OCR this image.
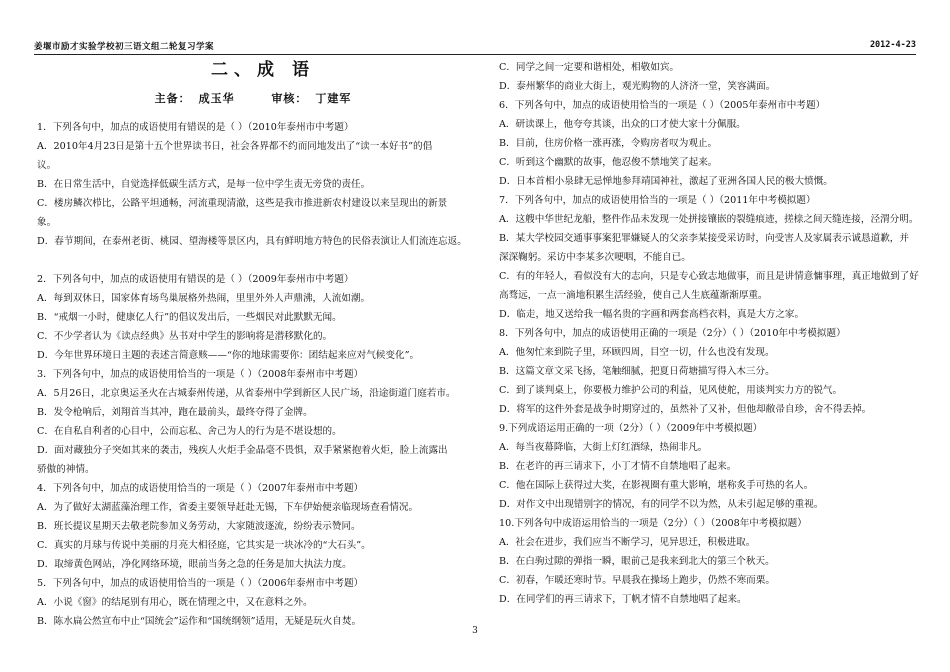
姜堰市励才实验学校初三语文组二轮复习学案	2012-4-23
二、成 语
主备： 成玉华	审核： 丁建军
1．下列各句中，加点的成语使用有错误的是（ ）（2010年泰州市中考题）
A．2010年4月23日是第十五个世界读书日，社会各界都不约而同地发出了“读一本好书”的倡
议。
B．在日常生活中，自觉选择低碳生活方式，是每一位中学生责无旁贷的责任。
C．楼房鳞次栉比，公路平坦通畅，河流重现清澈，这些是我市推进新农村建设以来呈现出的新景
象。
D．春节期间，在泰州老街、桃园、望海楼等景区内，具有鲜明地方特色的民俗表演让人们流连忘返。
2．下列各句中，加点的成语使用有错误的是（ ）（2009年泰州市中考题）
A．每到双休日，国家体育场鸟巢展格外热闹，里里外外人声鼎沸，人流如潮。
B．“戒烟一小时，健康亿人行”的倡议发出后，一些烟民对此默默无闻。
C．不少学者认为《读点经典》丛书对中学生的影响将是潜移默化的。
D．今年世界环境日主题的表述言简意赅——“你的地球需要你：团结起来应对气候变化”。
3．下列各句中，加点的成语使用恰当的一项是（ ）（2008年泰州市中考题）
A．5月26日，北京奥运圣火在古城泰州传递，从省泰州中学到新区人民广场，沿途街道门庭若市。
B．发令枪响后，刘翔首当其冲，跑在最前头，最终夺得了金牌。
C．在自私自利者的心目中，公而忘私、舍己为人的行为是不堪设想的。
D．面对藏独分子突如其来的袭击，残疾人火炬手金晶毫不畏惧，双手紧紧抱着火炬，脸上流露出
骄傲的神情。
4．下列各句中，加点的成语使用恰当的一项是（ ）（2007年泰州市中考题）
A．为了做好太湖蓝藻治理工作，省委主要领导赶赴无锡，下车伊始便亲临现场查看情况。
B．班长提议星期天去敬老院参加义务劳动，大家随波逐流，纷纷表示赞同。
C．真实的月球与传说中美丽的月亮大相径庭，它其实是一块冰冷的“大石头”。
D．取缔黄色网站，净化网络环境，眼前当务之急的任务是加大执法力度。
5．下列各句中，加点的成语使用恰当的一项是（ ）（2006年泰州市中考题）
A．小说《窗》的结尾别有用心，既在情理之中，又在意料之外。
B．陈水扁公然宣布中止“国统会”运作和“国统纲领”适用，无疑是玩火自焚。
C．同学之间一定要和谐相处，相敬如宾。
D．泰州繁华的商业大街上，观光购物的人济济一堂，笑容满面。
6．下列各句中，加点的成语使用恰当的一项是（ ）（2005年泰州市中考题）
A．研读课上，他夸夸其谈，出众的口才使大家十分佩服。
B．目前，住房价格一涨再涨，令购房者叹为观止。
C．听到这个幽默的故事，他忍俊不禁地笑了起来。
D．日本首相小泉肆无忌惮地参拜靖国神社，激起了亚洲各国人民的极大愤慨。
7．下列各句中，加点的成语使用恰当的一项是（ ）（2011年中考模拟题）
A．这艘中华世纪龙船，整件作品未发现一处拼接镶嵌的裂缝痕迹，搓榇之间天缝连接，泾渭分明。
B．某大学校园交通事事案犯罪嫌疑人的父亲李某接受采访时，向受害人及家属表示诚恳道歉，并
深深鞠躬。采访中李某多次哽咽，不能自已。
C．有的年轻人，看似没有大的志向，只是专心致志地做事，而且是讲情意慵事理，真正地做到了好
高骛远，一点一滴地积累生活经验，使自己人生底蕴渐渐厚重。
D．临走，地又送给我一幅名贵的字画和两套高档衣料，真是大方之家。
8．下列各句中，加点的成语使用正确的一项是（2分）（ ）（2010年中考模拟题）
A．他匆忙来到院子里，环顾四周，目空一切，什么也没有发现。
B．这篇文章文采飞扬，笔触细腻，把夏日荷塘描写得入木三分。
C．到了谈判桌上，你要极力维护公司的利益，见风使舵，用谈判实力方的锐气。
D．将军的这件外套是战争时期穿过的，虽然补了又补，但他却敝帚自珍，舍不得丢掉。
9.下列成语运用正确的一项（2分）（ ）（2009年中考模拟题）
A．每当夜幕降临，大街上灯红酒绿，热闹非凡。
B．在老许的再三请求下，小丁才情不自禁地唱了起来。
C．他在国际上获得过大奖，在影视圈有重大影响，堪称炙手可热的名人。
D．对作文中出现错别字的情况，有的同学不以为然，从未引起足够的重视。
10.下列各句中成语运用恰当的一项是（2分）（ ）（2008年中考模拟题）
A．社会在进步，我们应当不断学习，见异思迁，积极进取。
B．在白驹过隙的弹指一瞬，眼前己是我来到北大的第三个秋天。
C．初春，乍暖还寒时节。早晨我在操场上跑步，仍然不寒而栗。
D．在同学们的再三请求下，丁帆才情不自禁地唱了起来。
3
